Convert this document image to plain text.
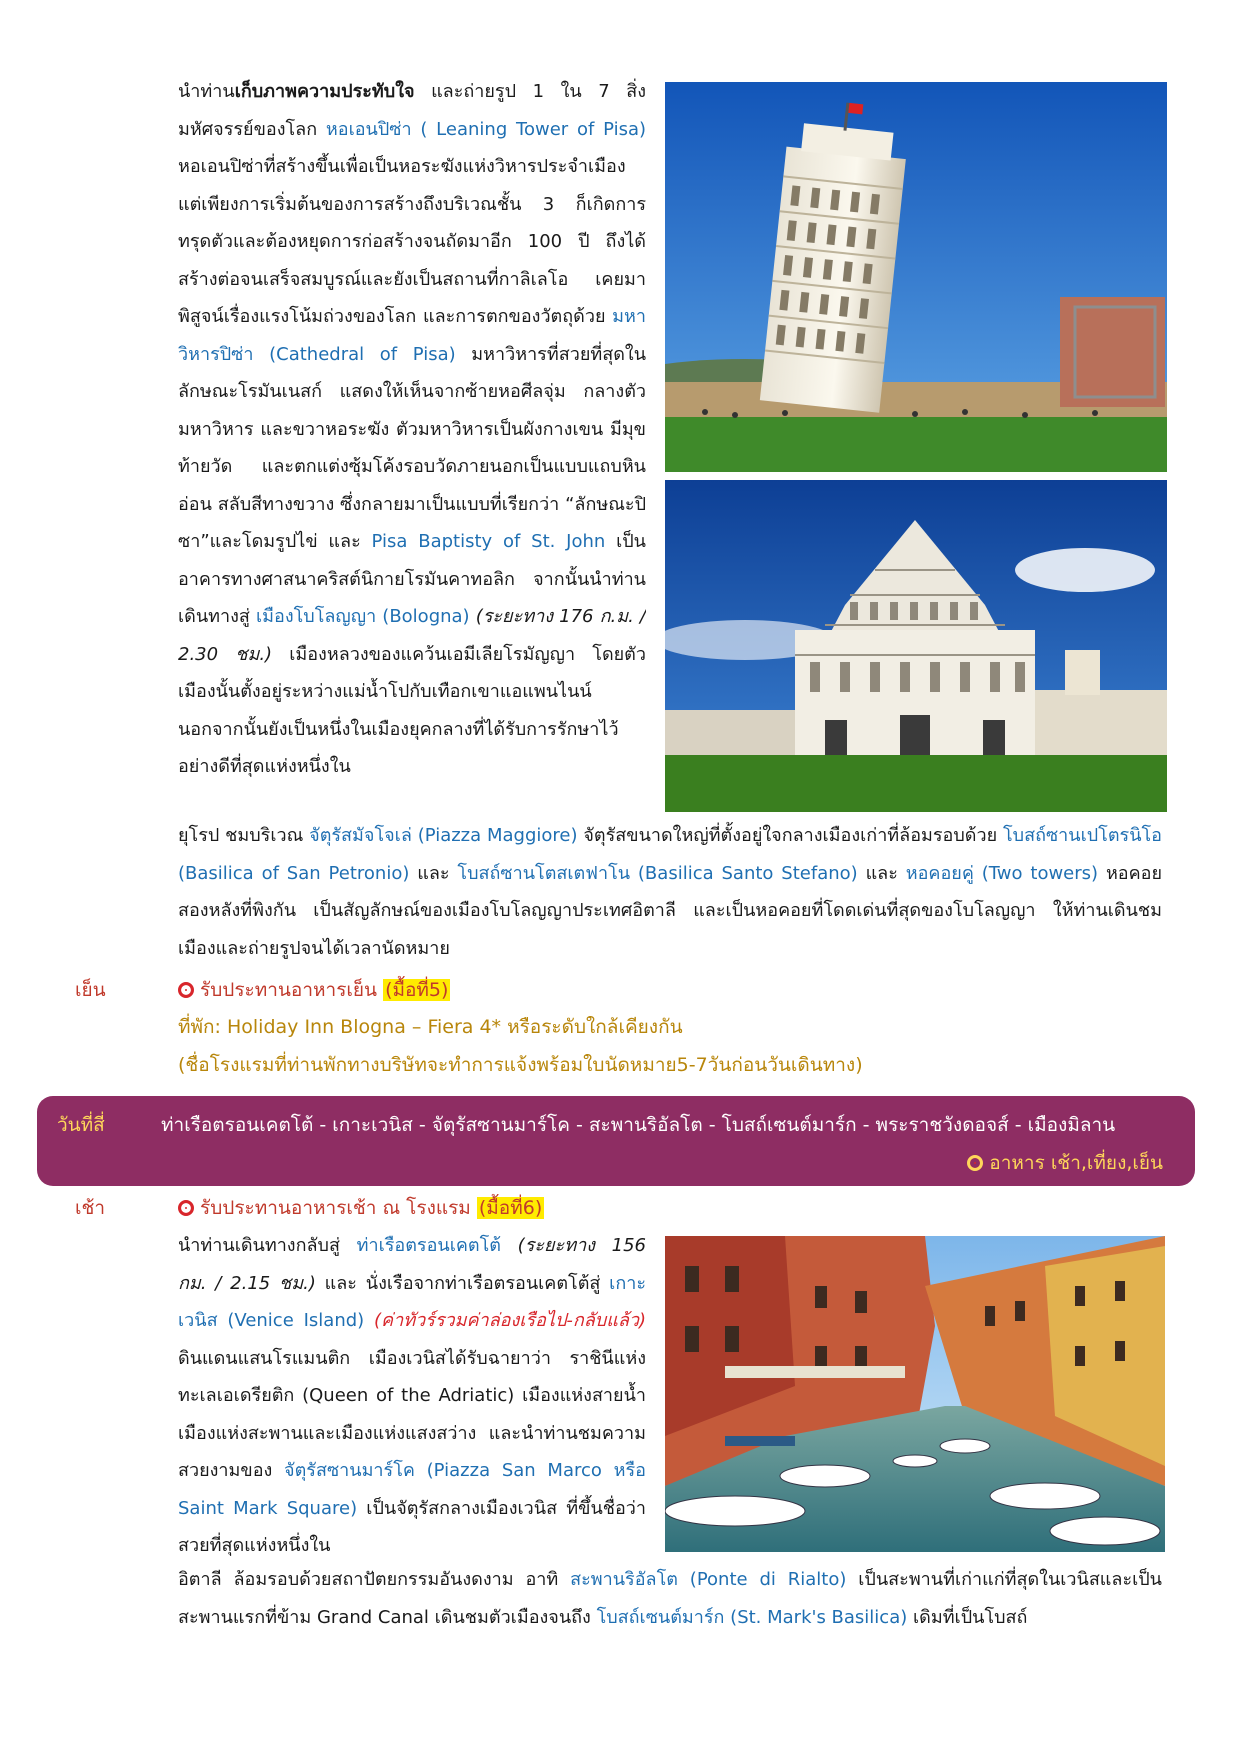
นำท่านเก็บภาพความประทับใจ และถ่ายรูป 1 ใน 7 สิ่งมหัศจรรย์ของโลก หอเอนปิซ่า ( Leaning Tower of Pisa) หอเอนปิซ่าที่สร้างขึ้นเพื่อเป็นหอระฆังแห่งวิหารประจำเมือง แต่เพียงการเริ่มต้นของการสร้างถึงบริเวณชั้น 3 ก็เกิดการทรุดตัวและต้องหยุดการก่อสร้างจนถัดมาอีก 100 ปี ถึงได้สร้างต่อจนเสร็จสมบูรณ์และยังเป็นสถานที่กาลิเลโอ เคยมาพิสูจน์เรื่องแรงโน้มถ่วงของโลก และการตกของวัตถุด้วย มหาวิหารปิซ่า (Cathedral of Pisa) มหาวิหารที่สวยที่สุดในลักษณะโรมันเนสก์ แสดงให้เห็นจากซ้ายหอศีลจุ่ม กลางตัวมหาวิหาร และขวาหอระฆัง ตัวมหาวิหารเป็นผังกางเขน มีมุขท้ายวัด และตกแต่งซุ้มโค้งรอบวัดภายนอกเป็นแบบแถบหินอ่อน สลับสีทางขวาง ซึ่งกลายมาเป็นแบบที่เรียกว่า “ลักษณะปิซา”และโดมรูปไข่ และ Pisa Baptisty of St. John เป็นอาคารทางศาสนาคริสต์นิกายโรมันคาทอลิก จากนั้นนำท่านเดินทางสู่ เมืองโบโลญญา (Bologna) (ระยะทาง 176 ก.ม. / 2.30 ชม.) เมืองหลวงของแคว้นเอมีเลียโรมัญญา โดยตัวเมืองนั้นตั้งอยู่ระหว่างแม่น้ำโปกับเทือกเขาแอแพนไนน์ นอกจากนั้นยังเป็นหนึ่งในเมืองยุคกลางที่ได้รับการรักษาไว้ อย่างดีที่สุดแห่งหนึ่งใน

ยุโรป ชมบริเวณ จัตุรัสมัจโจเล่ (Piazza Maggiore) จัตุรัสขนาดใหญ่ที่ตั้งอยู่ใจกลางเมืองเก่าที่ล้อมรอบด้วย โบสถ์ซานเปโตรนิโอ (Basilica of San Petronio) และ โบสถ์ซานโตสเตฟาโน (Basilica Santo Stefano) และ หอคอยคู่ (Two towers) หอคอยสองหลังที่พิงกัน เป็นสัญลักษณ์ของเมืองโบโลญญาประเทศอิตาลี และเป็นหอคอยที่โดดเด่นที่สุดของโบโลญญา ให้ท่านเดินชมเมืองและถ่ายรูปจนได้เวลานัดหมาย

เย็น	รับประทานอาหารเย็น (มื้อที่5)
ที่พัก: Holiday Inn Blogna – Fiera 4* หรือระดับใกล้เคียงกัน
(ชื่อโรงแรมที่ท่านพักทางบริษัทจะทำการแจ้งพร้อมใบนัดหมาย5-7วันก่อนวันเดินทาง)
วันที่สี่	ท่าเรือตรอนเคตโต้ - เกาะเวนิส - จัตุรัสซานมาร์โค - สะพานริอัลโต - โบสถ์เซนต์มาร์ก - พระราชวังดอจส์ - เมืองมิลาน
อาหาร เช้า,เที่ยง,เย็น
เช้า	รับประทานอาหารเช้า ณ โรงแรม (มื้อที่6)

นำท่านเดินทางกลับสู่ ท่าเรือตรอนเคตโต้ (ระยะทาง 156 กม. / 2.15 ชม.) และ นั่งเรือจากท่าเรือตรอนเคตโต้สู่ เกาะเวนิส (Venice Island) (ค่าทัวร์รวมค่าล่องเรือไป-กลับแล้ว) ดินแดนแสนโรแมนติก เมืองเวนิสได้รับฉายาว่า ราชินีแห่งทะเลเอเดรียติก (Queen of the Adriatic) เมืองแห่งสายน้ำ เมืองแห่งสะพานและเมืองแห่งแสงสว่าง และนำท่านชมความสวยงามของ จัตุรัสซานมาร์โค (Piazza San Marco หรือ Saint Mark Square) เป็นจัตุรัสกลางเมืองเวนิส ที่ขึ้นชื่อว่าสวยที่สุดแห่งหนึ่งใน

อิตาลี ล้อมรอบด้วยสถาปัตยกรรมอันงดงาม อาทิ สะพานริอัลโต (Ponte di Rialto) เป็นสะพานที่เก่าแก่ที่สุดในเวนิสและเป็นสะพานแรกที่ข้าม Grand Canal เดินชมตัวเมืองจนถึง โบสถ์เซนต์มาร์ก (St. Mark's Basilica) เดิมที่เป็นโบสถ์
